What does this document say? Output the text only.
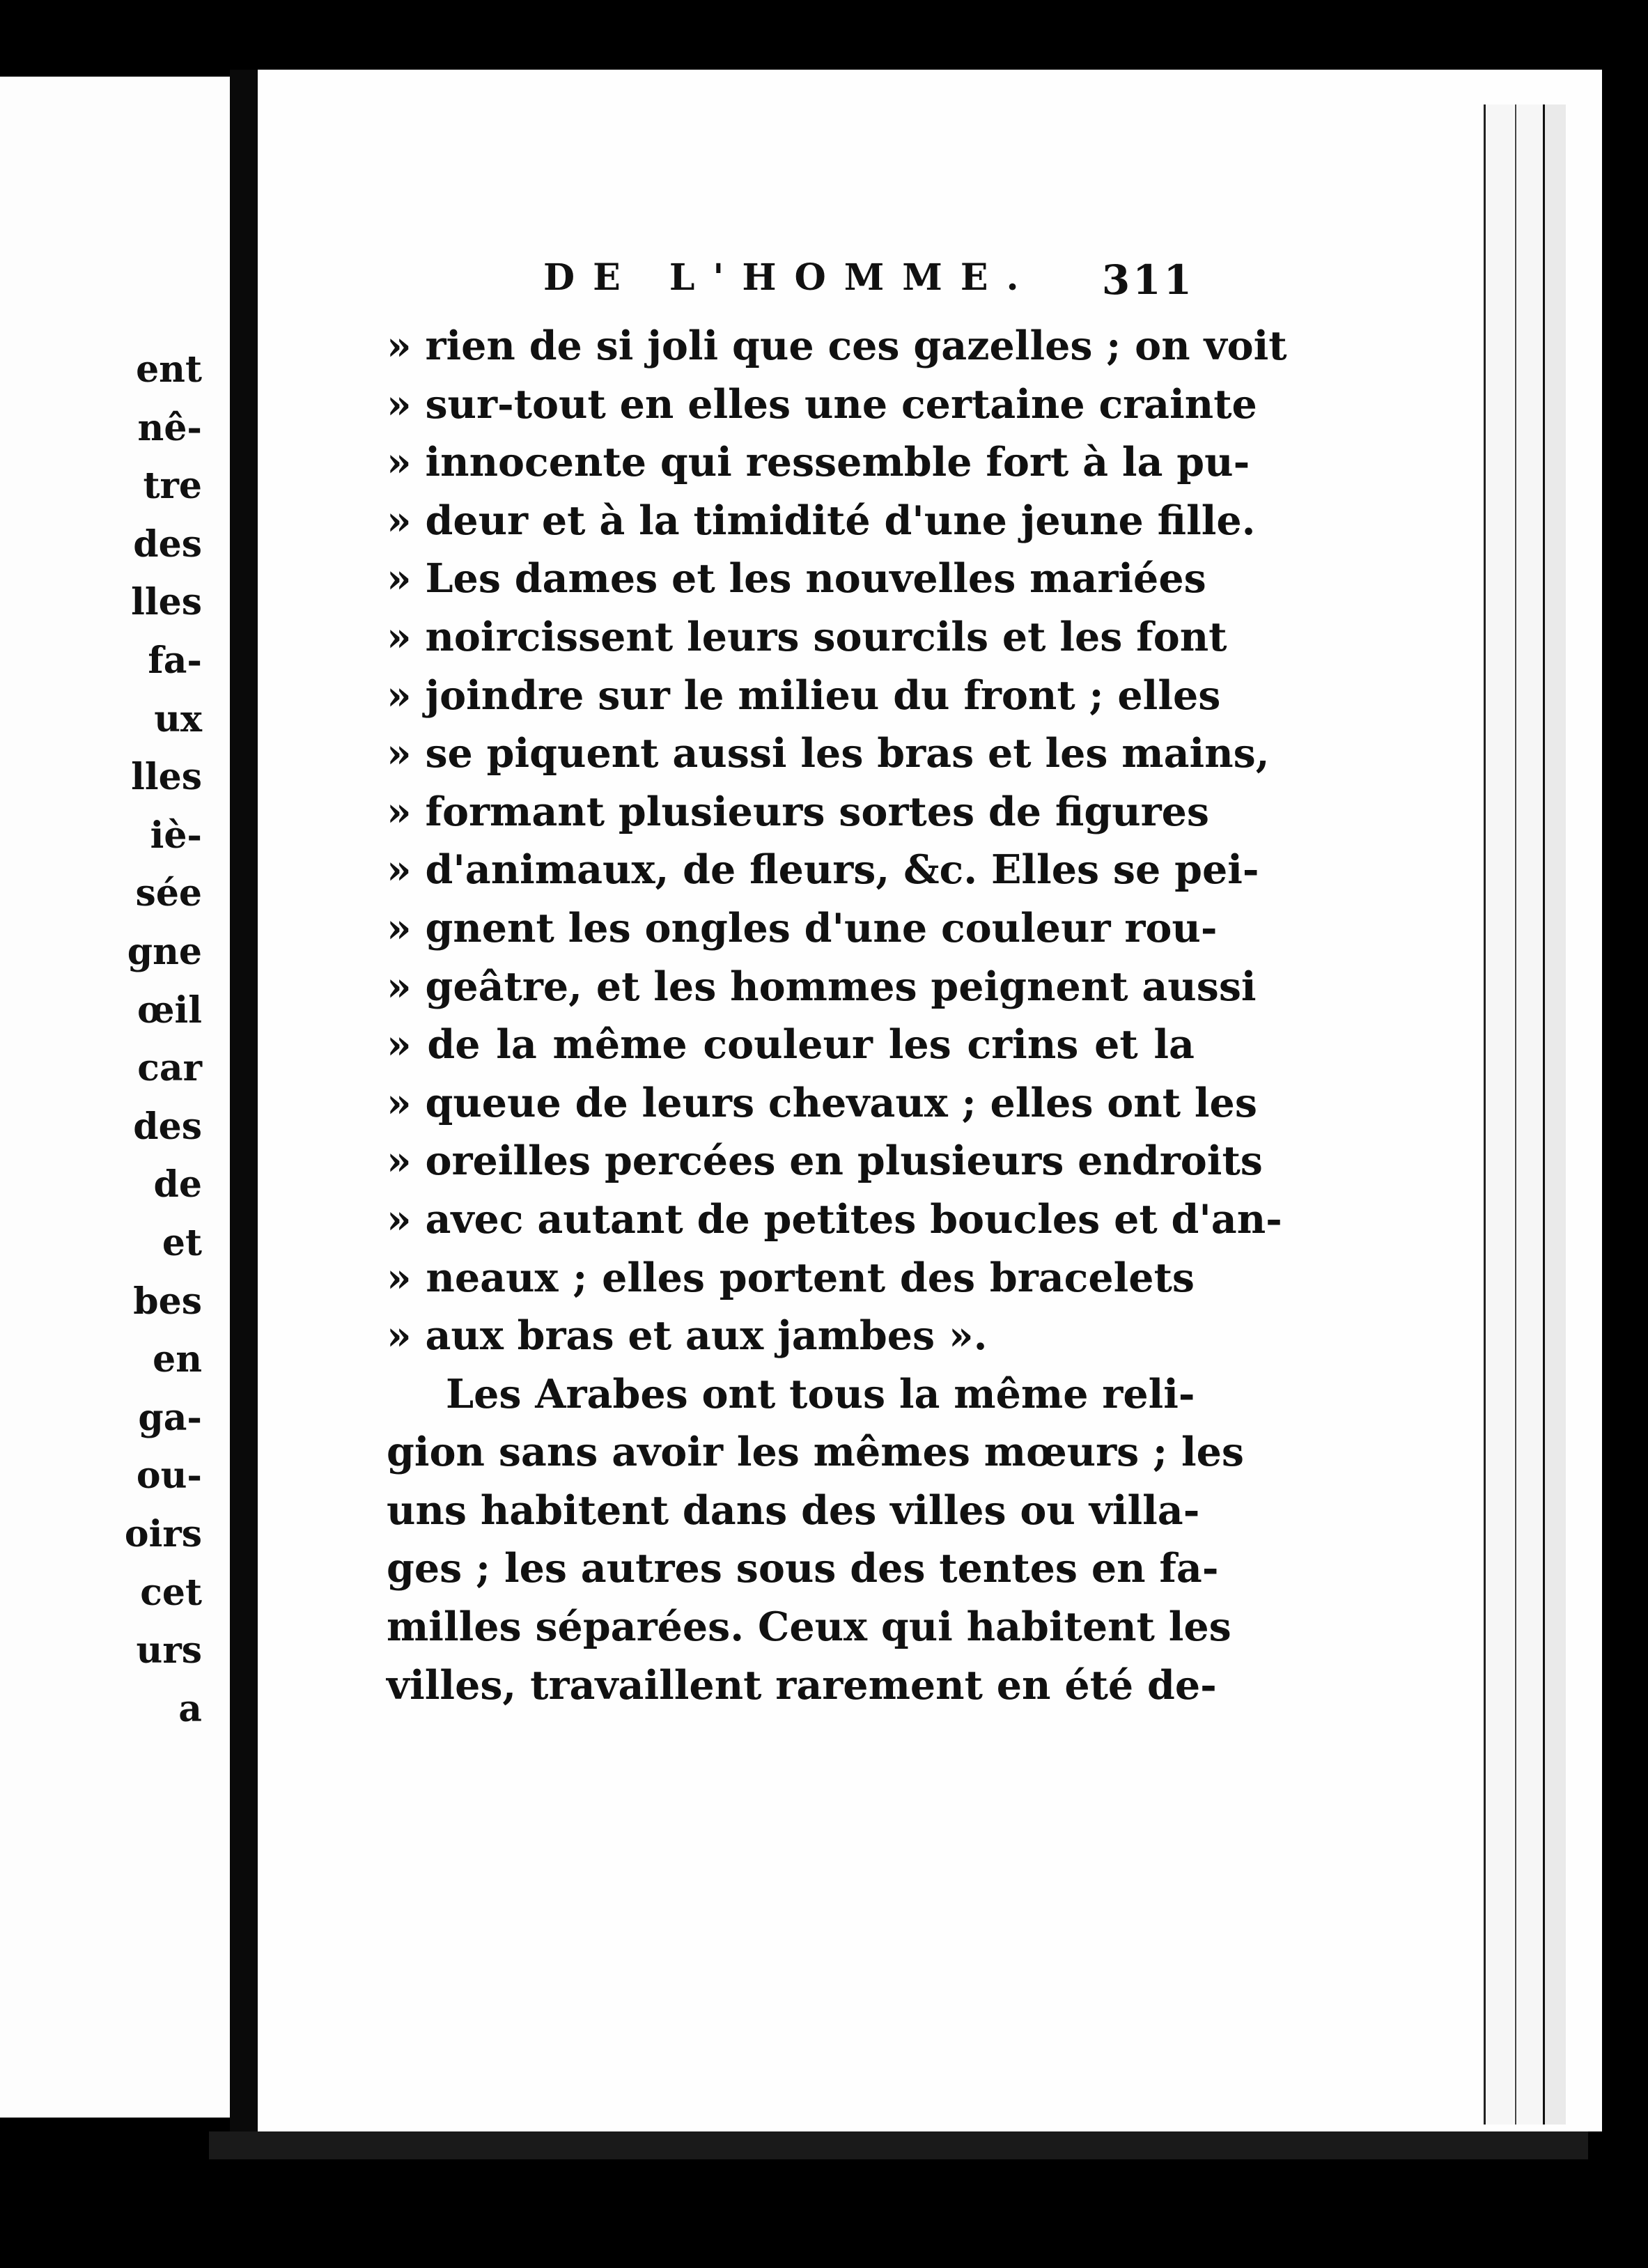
ent
nê-
tre
des
lles
fa-
ux
lles
iè-
sée
gne
œil
car
des
de
et
bes
en
ga-
ou-
oirs
cet
urs
a
DE L'HOMME. 311
» rien de si joli que ces gazelles ; on voit
» sur-tout en elles une certaine crainte
» innocente qui ressemble fort à la pu-
» deur et à la timidité d'une jeune fille.
» Les dames et les nouvelles mariées
» noircissent leurs sourcils et les font
» joindre sur le milieu du front ; elles
» se piquent aussi les bras et les mains,
» formant plusieurs sortes de figures
» d'animaux, de fleurs, &c. Elles se pei-
» gnent les ongles d'une couleur rou-
» geâtre, et les hommes peignent aussi
» de la même couleur les crins et la
» queue de leurs chevaux ; elles ont les
» oreilles percées en plusieurs endroits
» avec autant de petites boucles et d'an-
» neaux ; elles portent des bracelets
» aux bras et aux jambes ».
Les Arabes ont tous la même reli-
gion sans avoir les mêmes mœurs ; les
uns habitent dans des villes ou villa-
ges ; les autres sous des tentes en fa-
milles séparées. Ceux qui habitent les
villes, travaillent rarement en été de-
